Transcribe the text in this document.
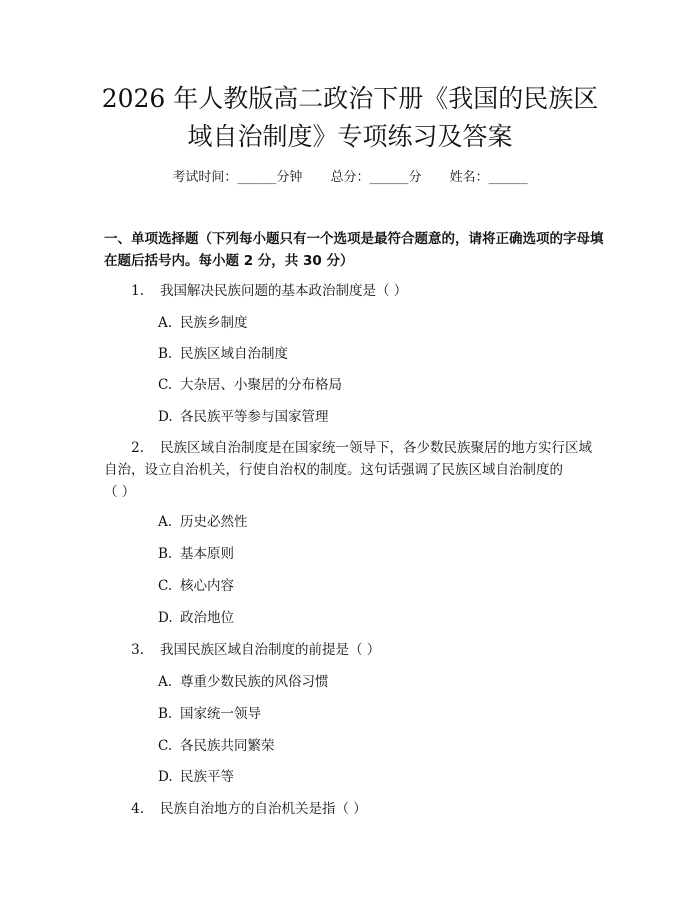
2026 年人教版高二政治下册《我国的民族区
域自治制度》专项练习及答案
考试时间：______分钟 总分：______分 姓名：______
一、单项选择题（下列每小题只有一个选项是最符合题意的，请将正确选项的字母填在题后括号内。每小题 2 分，共 30 分）
1. 我国解决民族问题的基本政治制度是（ ）
A. 民族乡制度
B. 民族区域自治制度
C. 大杂居、小聚居的分布格局
D. 各民族平等参与国家管理
2. 民族区域自治制度是在国家统一领导下，各少数民族聚居的地方实行区域
自治，设立自治机关，行使自治权的制度。这句话强调了民族区域自治制度的
（ ）
A. 历史必然性
B. 基本原则
C. 核心内容
D. 政治地位
3. 我国民族区域自治制度的前提是（ ）
A. 尊重少数民族的风俗习惯
B. 国家统一领导
C. 各民族共同繁荣
D. 民族平等
4. 民族自治地方的自治机关是指（ ）
